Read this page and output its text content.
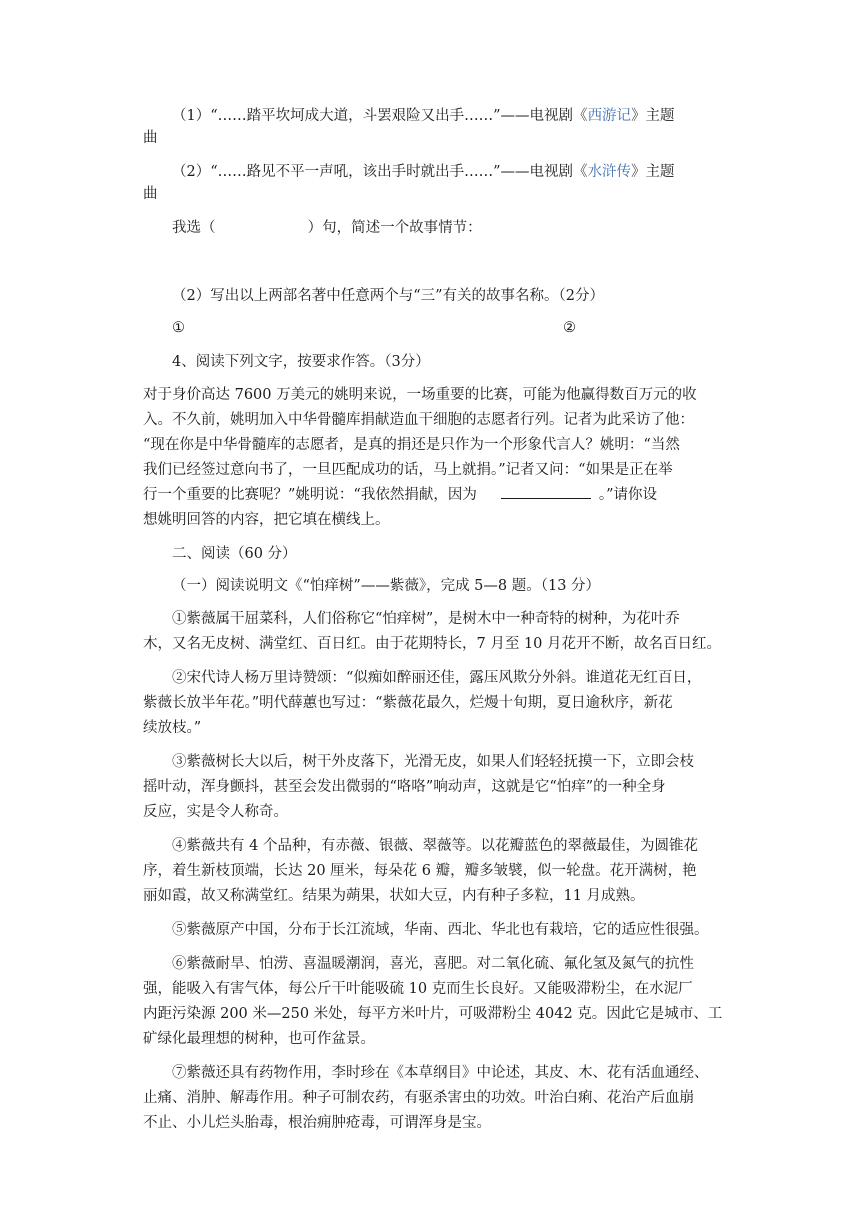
（1）“……踏平坎坷成大道，斗罢艰险又出手……”——电视剧《西游记》主题
曲
（2）“……路见不平一声吼，该出手时就出手……”——电视剧《水浒传》主题
曲
我选（                    ）句，简述一个故事情节：
（2）写出以上两部名著中任意两个与“三”有关的故事名称。（2分）
①	②
4、阅读下列文字，按要求作答。（3分）
对于身价高达 7600 万美元的姚明来说，一场重要的比赛，可能为他赢得数百万元的收
入。不久前，姚明加入中华骨髓库捐献造血干细胞的志愿者行列。记者为此采访了他：
“现在你是中华骨髓库的志愿者，是真的捐还是只作为一个形象代言人？姚明：“当然
我们已经签过意向书了，一旦匹配成功的话，马上就捐。”记者又问：“如果是正在举
行一个重要的比赛呢？”姚明说：“我依然捐献，因为	。”请你设
想姚明回答的内容，把它填在横线上。
二、阅读（60 分）
（一）阅读说明文《“怕痒树”——紫薇》，完成 5—8 题。（13 分）
①紫薇属干屈菜科，人们俗称它“怕痒树”，是树木中一种奇特的树种，为花叶乔
木，又名无皮树、满堂红、百日红。由于花期特长，7 月至 10 月花开不断，故名百日红。
②宋代诗人杨万里诗赞颂：“似痴如醉丽还佳，露压风欺分外斜。谁道花无红百日，
紫薇长放半年花。”明代薛蕙也写过：“紫薇花最久，烂熳十旬期，夏日逾秋序，新花
续放枝。”
③紫薇树长大以后，树干外皮落下，光滑无皮，如果人们轻轻抚摸一下，立即会枝
摇叶动，浑身颤抖，甚至会发出微弱的“咯咯”响动声，这就是它“怕痒”的一种全身
反应，实是令人称奇。
④紫薇共有 4 个品种，有赤薇、银薇、翠薇等。以花瓣蓝色的翠薇最佳，为圆锥花
序，着生新枝顶端，长达 20 厘米，每朵花 6 瓣，瓣多皱襞，似一轮盘。花开满树，艳
丽如霞，故又称满堂红。结果为蒴果，状如大豆，内有种子多粒，11 月成熟。
⑤紫薇原产中国，分布于长江流域，华南、西北、华北也有栽培，它的适应性很强。
⑥紫薇耐旱、怕涝、喜温暖潮润，喜光，喜肥。对二氧化硫、氟化氢及氮气的抗性
强，能吸入有害气体，每公斤干叶能吸硫 10 克而生长良好。又能吸滞粉尘，在水泥厂
内距污染源 200 米—250 米处，每平方米叶片，可吸滞粉尘 4042 克。因此它是城市、工
矿绿化最理想的树种，也可作盆景。
⑦紫薇还具有药物作用，李时珍在《本草纲目》中论述，其皮、木、花有活血通经、
止痛、消肿、解毒作用。种子可制农药，有驱杀害虫的功效。叶治白痢、花治产后血崩
不止、小儿烂头胎毒，根治痈肿疮毒，可谓浑身是宝。
